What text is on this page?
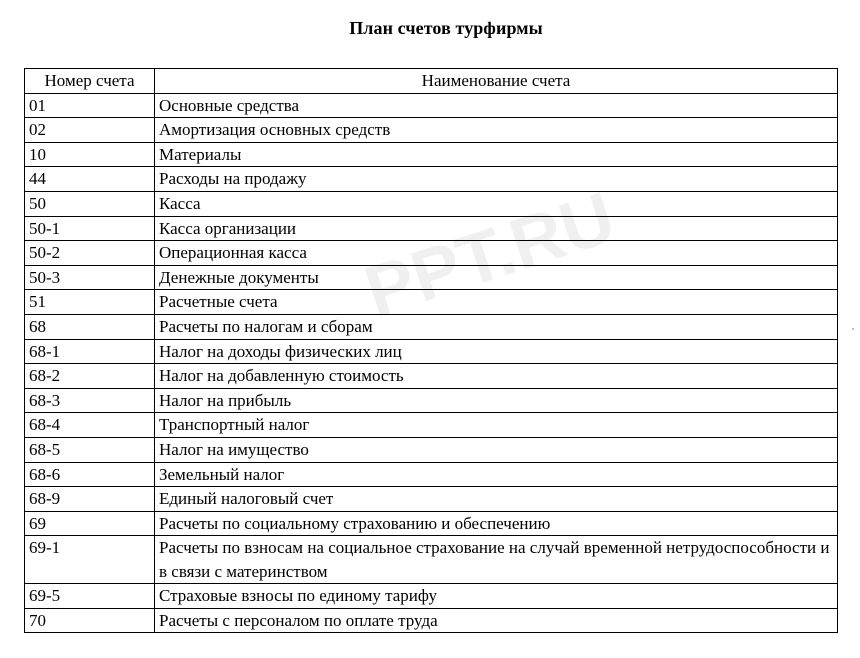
План счетов турфирмы
PPT.RU
Номер счета	Наименование счета
01	Основные средства
02	Амортизация основных средств
10	Материалы
44	Расходы на продажу
50	Касса
50-1	Касса организации
50-2	Операционная касса
50-3	Денежные документы
51	Расчетные счета
68	Расчеты по налогам и сборам
68-1	Налог на доходы физических лиц
68-2	Налог на добавленную стоимость
68-3	Налог на прибыль
68-4	Транспортный налог
68-5	Налог на имущество
68-6	Земельный налог
68-9	Единый налоговый счет
69	Расчеты по социальному страхованию и обеспечению
69-1	Расчеты по взносам на социальное страхование на случай временной нетрудоспособности и в связи с материнством
69-5	Страховые взносы по единому тарифу
70	Расчеты с персоналом по оплате труда
